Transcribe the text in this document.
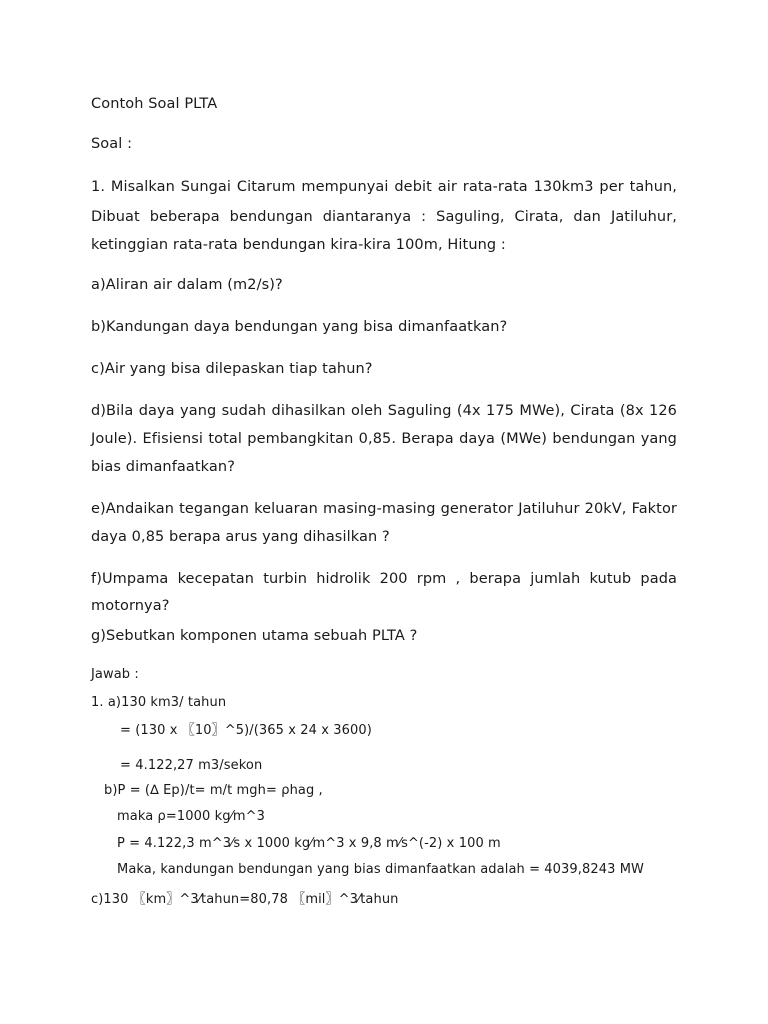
Contoh Soal PLTA
Soal :
1. Misalkan Sungai Citarum mempunyai debit air rata-rata 130km3 per tahun,
Dibuat beberapa bendungan diantaranya : Saguling, Cirata, dan Jatiluhur,
ketinggian rata-rata bendungan kira-kira 100m, Hitung :
a)Aliran air dalam (m2/s)?
b)Kandungan daya bendungan yang bisa dimanfaatkan?
c)Air yang bisa dilepaskan tiap tahun?
d)Bila daya yang sudah dihasilkan oleh Saguling (4x 175 MWe), Cirata (8x 126
Joule). Efisiensi total pembangkitan 0,85. Berapa daya (MWe) bendungan yang
bias dimanfaatkan?
e)Andaikan tegangan keluaran masing-masing generator Jatiluhur 20kV, Faktor
daya 0,85 berapa arus yang dihasilkan ?
f)Umpama kecepatan turbin hidrolik 200 rpm , berapa jumlah kutub pada
motornya?
g)Sebutkan komponen utama sebuah PLTA ?
Jawab :
1. a)130 km3/ tahun
= (130 x 〖10〗^5)/(365 x 24 x 3600)
= 4.122,27 m3/sekon
b)P = (∆ Ep)/t= m/t mgh= ρhag ,
maka ρ=1000 kg⁄m^3
P = 4.122,3 m^3⁄s x 1000 kg⁄m^3 x 9,8 m⁄s^(-2) x 100 m
Maka, kandungan bendungan yang bias dimanfaatkan adalah = 4039,8243 MW
c)130 〖km〗^3⁄tahun=80,78 〖mil〗^3⁄tahun
